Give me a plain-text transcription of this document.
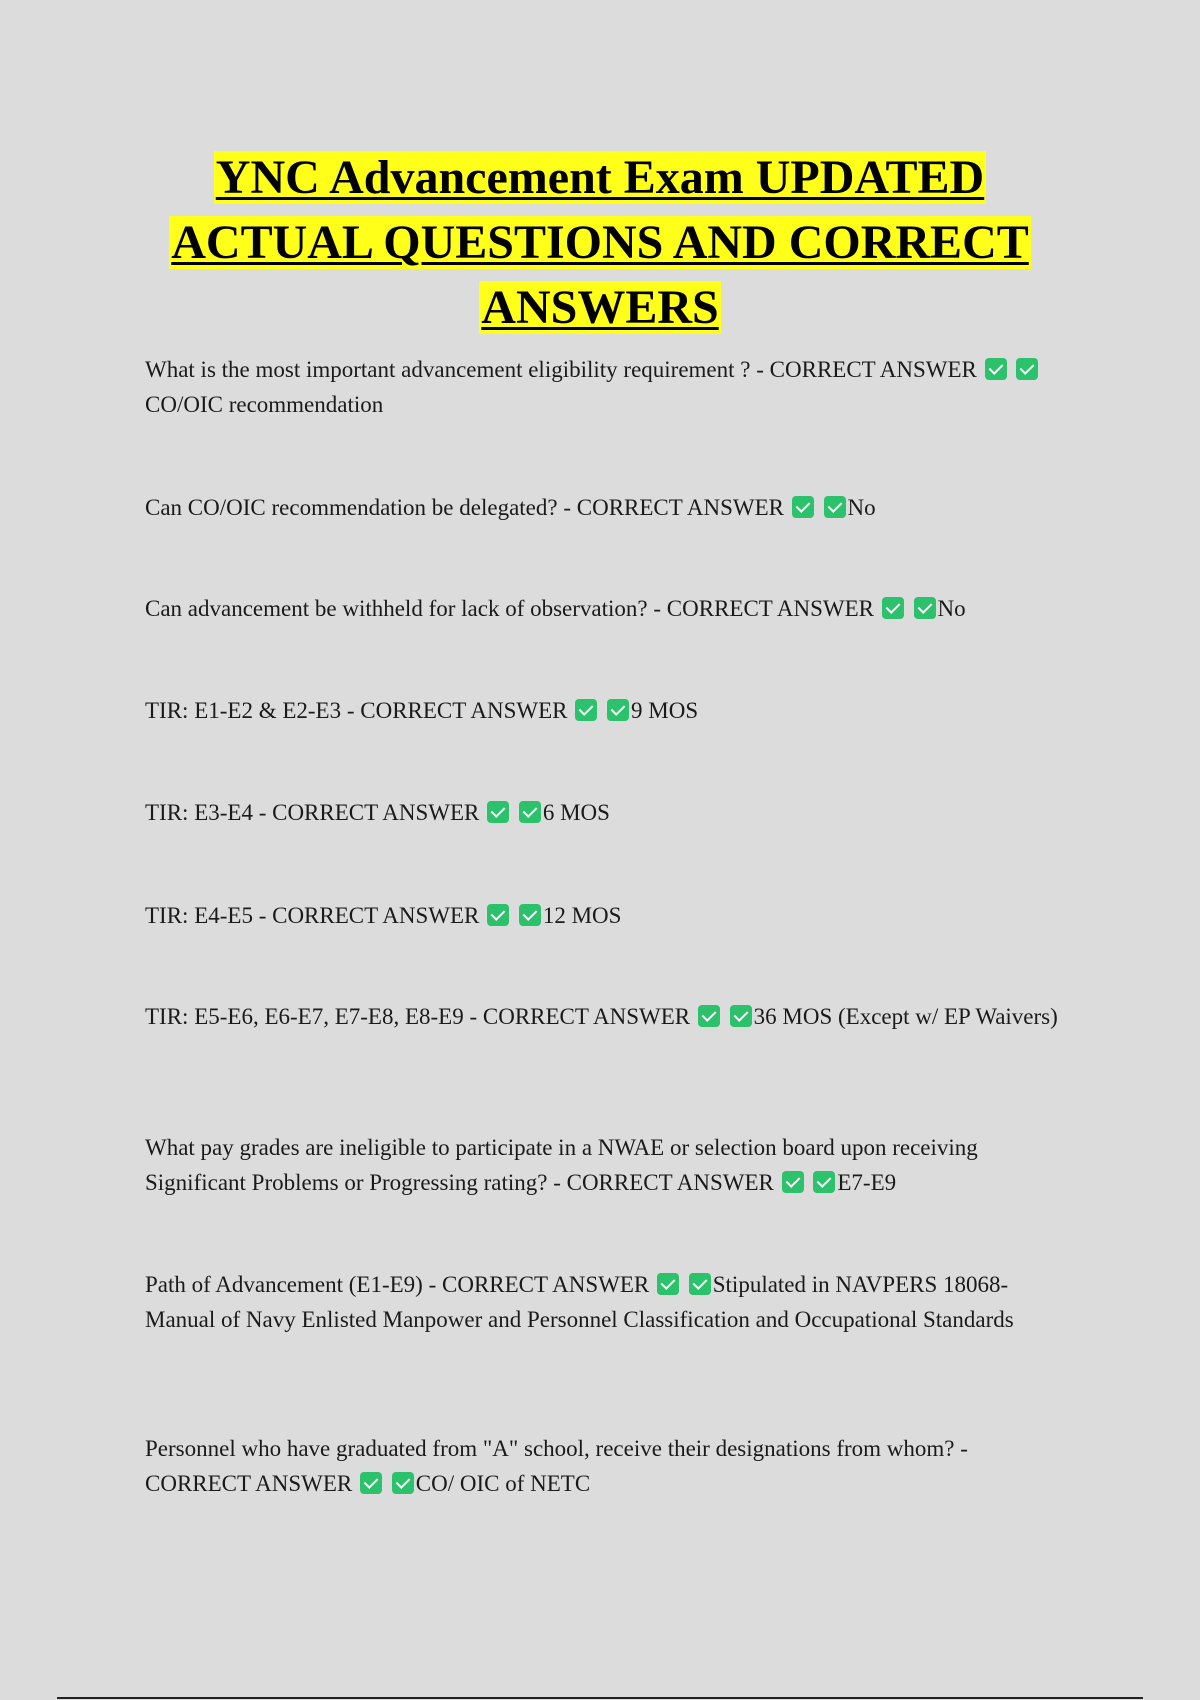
YNC Advancement Exam UPDATED ACTUAL QUESTIONS AND CORRECT ANSWERS

What is the most important advancement eligibility requirement ? - CORRECT ANSWER  CO/OIC recommendation

Can CO/OIC recommendation be delegated? - CORRECT ANSWER	No

Can advancement be withheld for lack of observation? - CORRECT ANSWER	No

TIR: E1-E2 & E2-E3 - CORRECT ANSWER	9 MOS

TIR: E3-E4 - CORRECT ANSWER	6 MOS

TIR: E4-E5 - CORRECT ANSWER	12 MOS

TIR: E5-E6, E6-E7, E7-E8, E8-E9 - CORRECT ANSWER	36 MOS (Except w/ EP Waivers)

What pay grades are ineligible to participate in a NWAE or selection board upon receiving Significant Problems or Progressing rating? - CORRECT ANSWER	E7-E9

Path of Advancement (E1-E9) - CORRECT ANSWER	Stipulated in NAVPERS 18068- Manual of Navy Enlisted Manpower and Personnel Classification and Occupational Standards

Personnel who have graduated from "A" school, receive their designations from whom? - CORRECT ANSWER	CO/ OIC of NETC
